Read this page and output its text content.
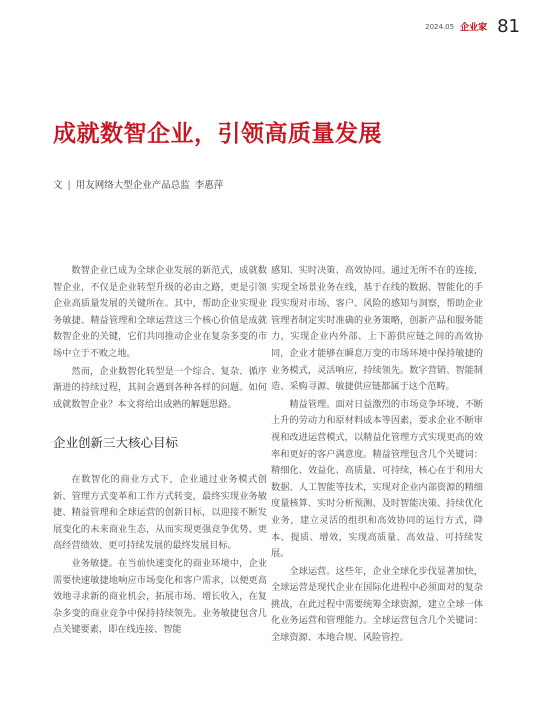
2024.05 企业家 81
成就数智企业，引领高质量发展
文 | 用友网络大型企业产品总监 李惠萍

数智企业已成为全球企业发展的新范式，成就数智企业，不仅是企业转型升级的必由之路，更是引领企业高质量发展的关键所在。其中，帮助企业实现业务敏捷、精益管理和全球运营这三个核心价值是成就数智企业的关键，它们共同推动企业在复杂多变的市场中立于不败之地。

然而，企业数智化转型是一个综合、复杂、循序渐进的持续过程，其间会遇到各种各样的问题。如何成就数智企业？本文将给出成熟的解题思路。

企业创新三大核心目标

在数智化的商业方式下，企业通过业务模式创新、管理方式变革和工作方式转变，最终实现业务敏捷、精益管理和全球运营的创新目标，以迎接不断发展变化的未来商业生态，从而实现更强竞争优势、更高经营绩效、更可持续发展的最终发展目标。

业务敏捷。在当前快速变化的商业环境中，企业需要快速敏捷地响应市场变化和客户需求，以便更高效地寻求新的商业机会，拓展市场、增长收入，在复杂多变的商业竞争中保持持续领先。业务敏捷包含几点关键要素，即在线连接、智能

感知、实时决策、高效协同。通过无所不在的连接，实现全场景业务在线，基于在线的数据、智能化的手段实现对市场、客户、风险的感知与洞察，帮助企业管理者制定实时准确的业务策略，创新产品和服务能力，实现企业内外部、上下游供应链之间的高效协同，企业才能够在瞬息万变的市场环境中保持敏捷的业务模式，灵活响应，持续领先。数字营销、智能制造、采购寻源、敏捷供应链都属于这个范畴。

精益管理。面对日益激烈的市场竞争环境、不断上升的劳动力和原材料成本等因素，要求企业不断审视和改进运营模式，以精益化管理方式实现更高的效率和更好的客户满意度。精益管理包含几个关键词：精细化、效益化、高质量、可持续，核心在于利用大数据、人工智能等技术，实现对企业内部资源的精细度量核算、实时分析预测、及时智能决策、持续优化业务，建立灵活的组织和高效协同的运行方式，降本、提质、增效，实现高质量、高效益、可持续发展。

全球运营。这些年，企业全球化步伐显著加快，全球运营是现代企业在国际化进程中必须面对的复杂挑战，在此过程中需要统筹全球资源，建立全球一体化业务运营和管理能力。全球运营包含几个关键词：全球资源、本地合规、风险管控。
